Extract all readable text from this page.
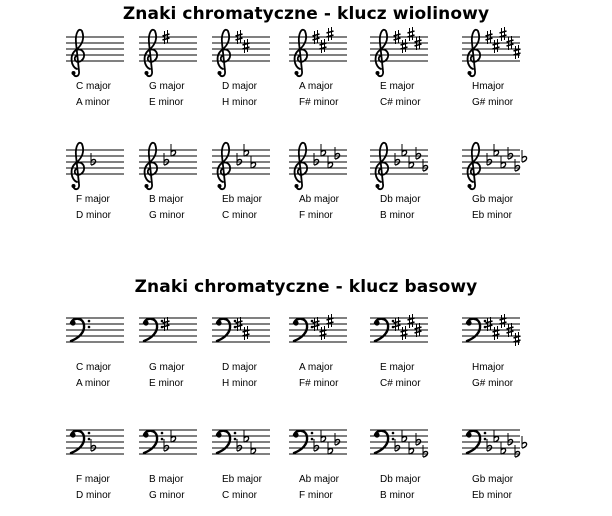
Znaki chromatyczne - klucz wiolinowy
Znaki chromatyczne - klucz basowy
C major
A minor
G major
E minor
D major
H minor
A major
F# minor
E major
C# minor
Hmajor
G# minor
F major
D minor
B major
G minor
Eb major
C minor
Ab major
F minor
Db major
B minor
Gb major
Eb minor
C major
A minor
G major
E minor
D major
H minor
A major
F# minor
E major
C# minor
Hmajor
G# minor
F major
D minor
B major
G minor
Eb major
C minor
Ab major
F minor
Db major
B minor
Gb major
Eb minor
